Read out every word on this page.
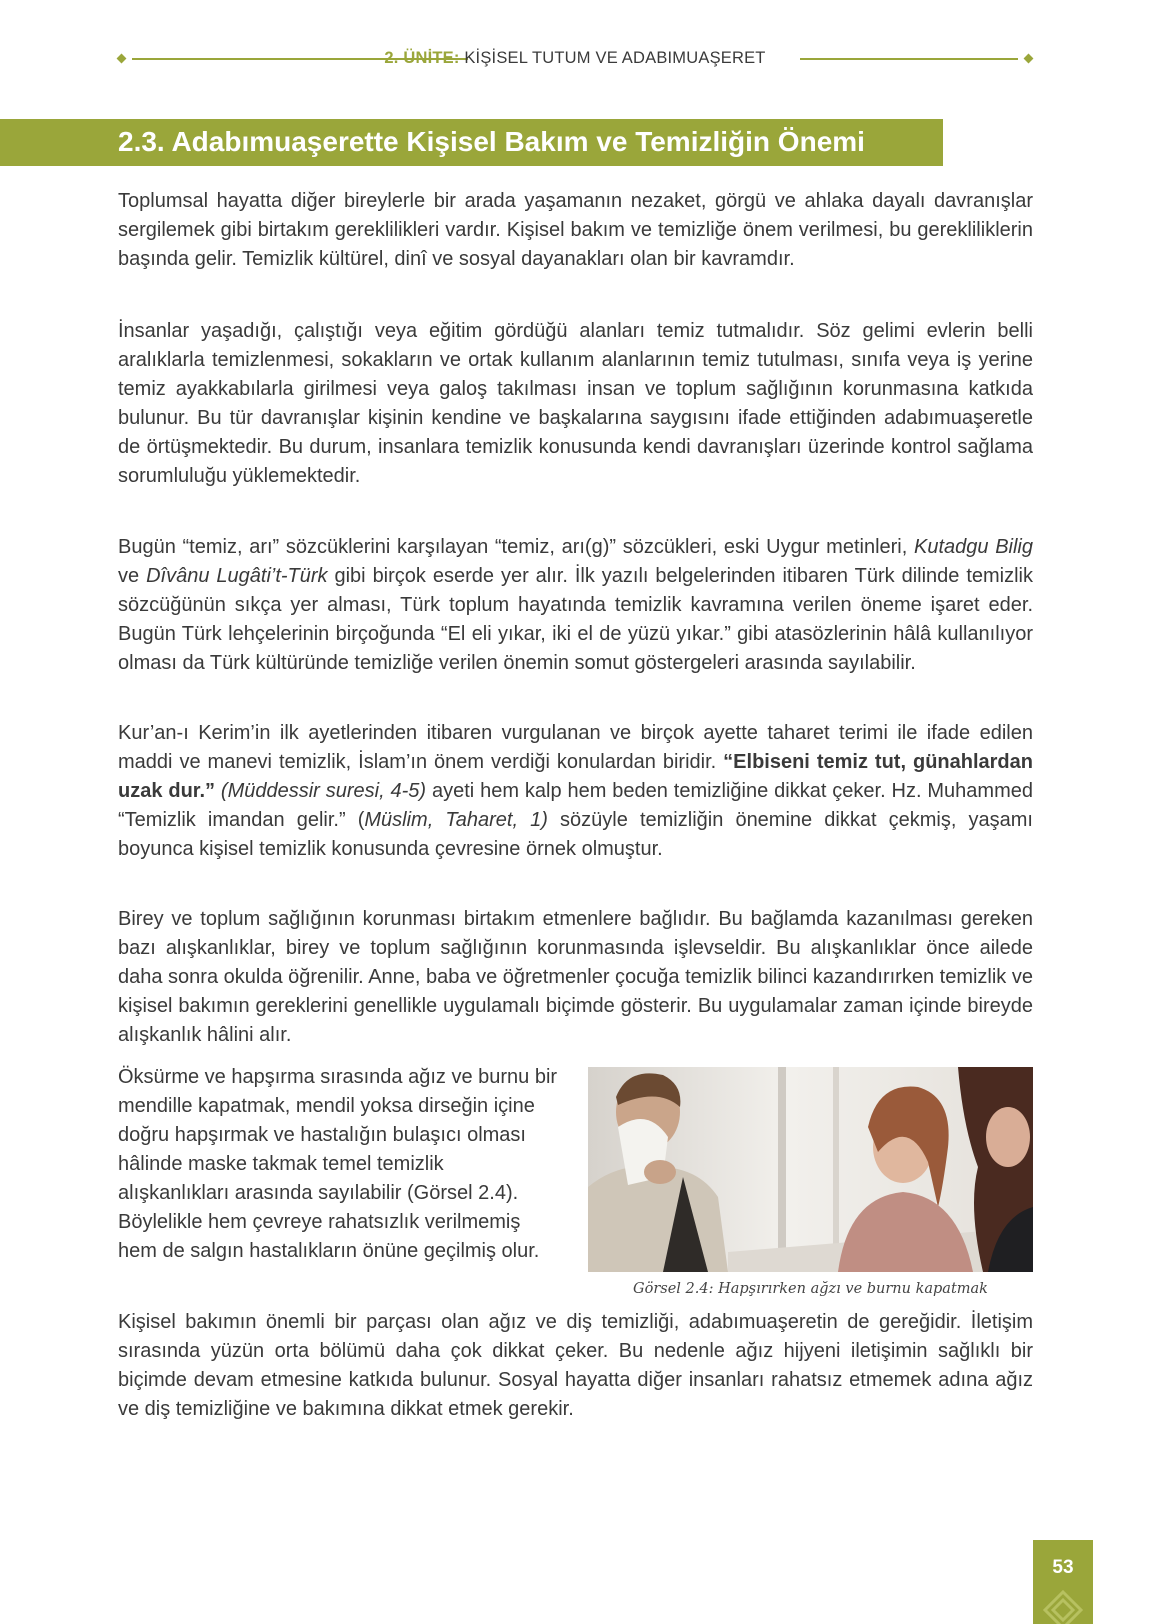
2. ÜNİTE: KİŞİSEL TUTUM VE ADABIMUAŞERET
2.3. Adabımuaşerette Kişisel Bakım ve Temizliğin Önemi

Toplumsal hayatta diğer bireylerle bir arada yaşamanın nezaket, görgü ve ahlaka dayalı davranışlar sergilemek gibi birtakım gereklilikleri vardır. Kişisel bakım ve temizliğe önem verilmesi, bu gerekliliklerin başında gelir. Temizlik kültürel, dinî ve sosyal dayanakları olan bir kavramdır.

İnsanlar yaşadığı, çalıştığı veya eğitim gördüğü alanları temiz tutmalıdır. Söz gelimi evlerin belli aralıklarla temizlenmesi, sokakların ve ortak kullanım alanlarının temiz tutulması, sınıfa veya iş yerine temiz ayakkabılarla girilmesi veya galoş takılması insan ve toplum sağlığının korunmasına katkıda bulunur. Bu tür davranışlar kişinin kendine ve başkalarına saygısını ifade ettiğinden adabımuaşeretle de örtüşmektedir. Bu durum, insanlara temizlik konusunda kendi davranışları üzerinde kontrol sağlama sorumluluğu yüklemektedir.

Bugün “temiz, arı” sözcüklerini karşılayan “temiz, arı(g)” sözcükleri, eski Uygur metinleri, Kutadgu Bilig ve Dîvânu Lugâti’t-Türk gibi birçok eserde yer alır. İlk yazılı belgelerinden itibaren Türk dilinde temizlik sözcüğünün sıkça yer alması, Türk toplum hayatında temizlik kavramına verilen öneme işaret eder. Bugün Türk lehçelerinin birçoğunda “El eli yıkar, iki el de yüzü yıkar.” gibi atasözlerinin hâlâ kullanılıyor olması da Türk kültüründe temizliğe verilen önemin somut göstergeleri arasında sayılabilir.

Kur’an-ı Kerim’in ilk ayetlerinden itibaren vurgulanan ve birçok ayette taharet terimi ile ifade edilen maddi ve manevi temizlik, İslam’ın önem verdiği konulardan biridir. “Elbiseni temiz tut, günahlardan uzak dur.” (Müddessir suresi, 4-5) ayeti hem kalp hem beden temizliğine dikkat çeker. Hz. Muhammed “Temizlik imandan gelir.” (Müslim, Taharet, 1) sözüyle temizliğin önemine dikkat çekmiş, yaşamı boyunca kişisel temizlik konusunda çevresine örnek olmuştur.

Birey ve toplum sağlığının korunması birtakım etmenlere bağlıdır. Bu bağlamda kazanılması gereken bazı alışkanlıklar, birey ve toplum sağlığının korunmasında işlevseldir. Bu alışkanlıklar önce ailede daha sonra okulda öğrenilir. Anne, baba ve öğretmenler çocuğa temizlik bilinci kazandırırken temizlik ve kişisel bakımın gereklerini genellikle uygulamalı biçimde gösterir. Bu uygulamalar zaman içinde bireyde alışkanlık hâlini alır.

Öksürme ve hapşırma sırasında ağız ve burnu bir mendille kapatmak, mendil yoksa dirseğin içine doğru hapşırmak ve hastalığın bulaşıcı olması hâlinde maske takmak temel temizlik alışkanlıkları arasında sayılabilir (Görsel 2.4). Böylelikle hem çevreye rahatsızlık verilmemiş hem de salgın hastalıkların önüne geçilmiş olur.

Görsel 2.4: Hapşırırken ağzı ve burnu kapatmak

Kişisel bakımın önemli bir parçası olan ağız ve diş temizliği, adabımuaşeretin de gereğidir. İletişim sırasında yüzün orta bölümü daha çok dikkat çeker. Bu nedenle ağız hijyeni iletişimin sağlıklı bir biçimde devam etmesine katkıda bulunur. Sosyal hayatta diğer insanları rahatsız etmemek adına ağız ve diş temizliğine ve bakımına dikkat etmek gerekir.

53
